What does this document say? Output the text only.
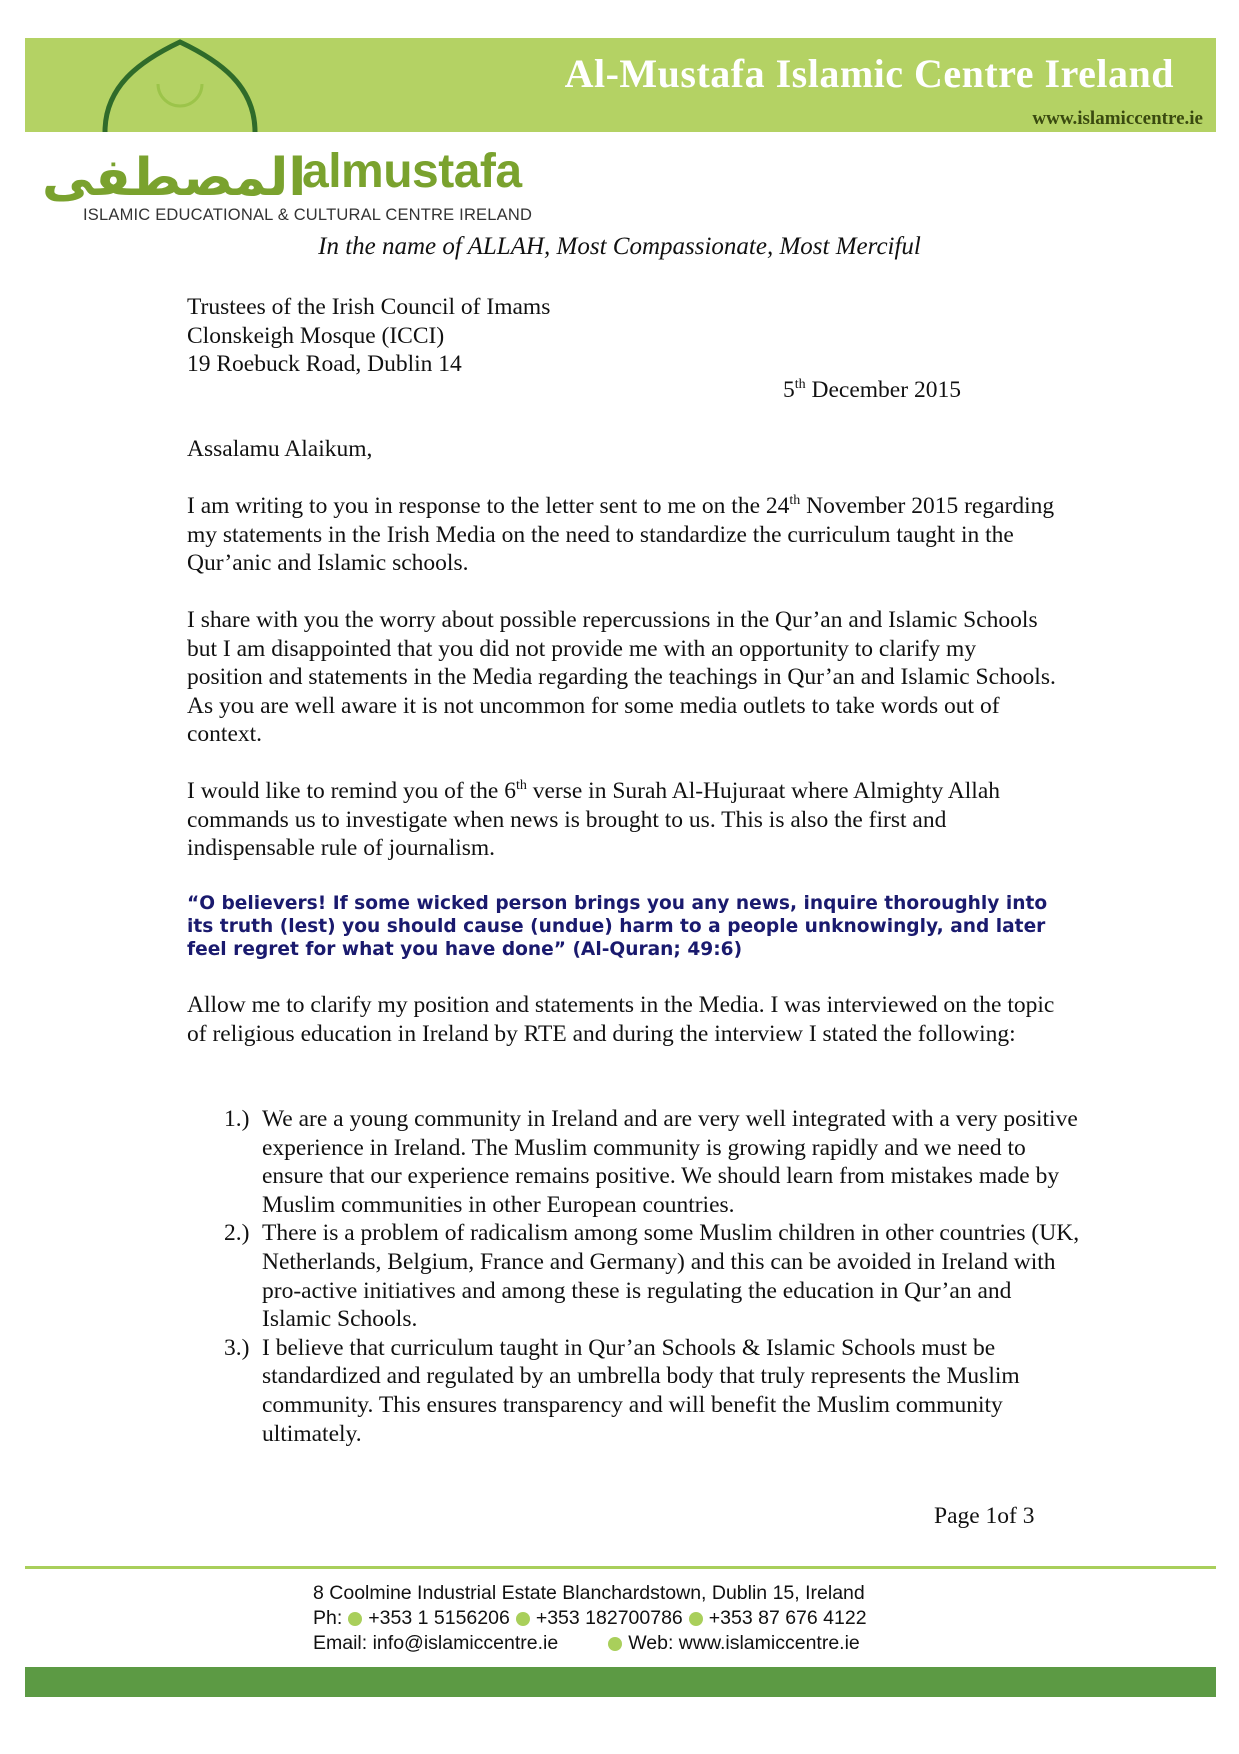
Al-Mustafa Islamic Centre Ireland
www.islamiccentre.ie
المصطفى
almustafa
ISLAMIC EDUCATIONAL & CULTURAL CENTRE IRELAND
In the name of ALLAH, Most Compassionate, Most Merciful
Trustees of the Irish Council of Imams
Clonskeigh Mosque (ICCI)
19 Roebuck Road, Dublin 14
5th December 2015
Assalamu Alaikum,
I am writing to you in response to the letter sent to me on the 24th November 2015 regarding my statements in the Irish Media on the need to standardize the curriculum taught in the Qur’anic and Islamic schools.
I share with you the worry about possible repercussions in the Qur’an and Islamic Schools but I am disappointed that you did not provide me with an opportunity to clarify my position and statements in the Media regarding the teachings in Qur’an and Islamic Schools. As you are well aware it is not uncommon for some media outlets to take words out of context.
I would like to remind you of the 6th verse in Surah Al-Hujuraat where Almighty Allah commands us to investigate when news is brought to us. This is also the first and indispensable rule of journalism.
“O believers! If some wicked person brings you any news, inquire thoroughly into its truth (lest) you should cause (undue) harm to a people unknowingly, and later feel regret for what you have done” (Al-Quran; 49:6)
Allow me to clarify my position and statements in the Media. I was interviewed on the topic of religious education in Ireland by RTE and during the interview I stated the following:
1.) We are a young community in Ireland and are very well integrated with a very positive experience in Ireland. The Muslim community is growing rapidly and we need to ensure that our experience remains positive. We should learn from mistakes made by Muslim communities in other European countries.
2.) There is a problem of radicalism among some Muslim children in other countries (UK, Netherlands, Belgium, France and Germany) and this can be avoided in Ireland with pro-active initiatives and among these is regulating the education in Qur’an and Islamic Schools.
3.) I believe that curriculum taught in Qur’an Schools & Islamic Schools must be standardized and regulated by an umbrella body that truly represents the Muslim community. This ensures transparency and will benefit the Muslim community ultimately.
Page 1of 3
8 Coolmine Industrial Estate Blanchardstown, Dublin 15, Ireland
Ph: +353 1 5156206 +353 182700786 +353 87 676 4122
Email: info@islamiccentre.ie	Web: www.islamiccentre.ie
